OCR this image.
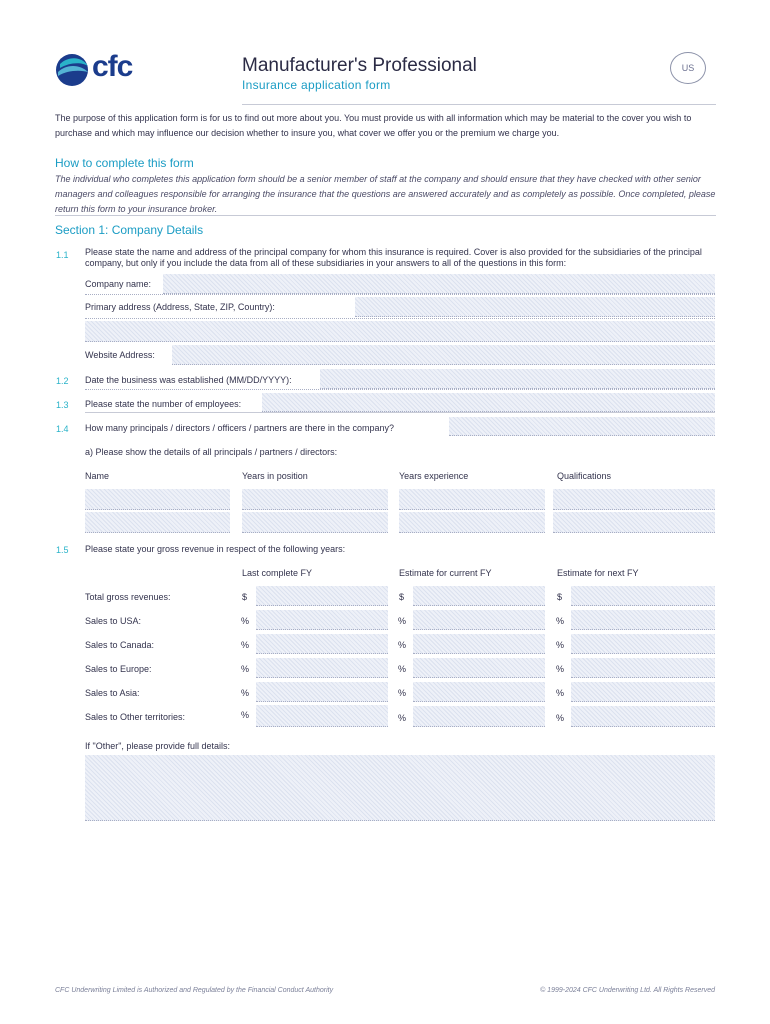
cfc	Manufacturer's Professional
Insurance application form
US
The purpose of this application form is for us to find out more about you. You must provide us with all information which may be material to the cover you wish to purchase and which may influence our decision whether to insure you, what cover we offer you or the premium we charge you.
How to complete this form
The individual who completes this application form should be a senior member of staff at the company and should ensure that they have checked with other senior managers and colleagues responsible for arranging the insurance that the questions are answered accurately and as completely as possible. Once completed, please return this form to your insurance broker.
Section 1: Company Details
1.1 Please state the name and address of the principal company for whom this insurance is required. Cover is also provided for the subsidiaries of the principal company, but only if you include the data from all of these subsidiaries in your answers to all of the questions in this form:
Company name:
Primary address (Address, State, ZIP, Country):
Website Address:
1.2 Date the business was established (MM/DD/YYYY):
1.3 Please state the number of employees:
1.4 How many principals / directors / officers / partners are there in the company?
a) Please show the details of all principals / partners / directors:
Name	Years in position	Years experience	Qualifications
1.5 Please state your gross revenue in respect of the following years:
Last complete FY	Estimate for current FY	Estimate for next FY
Total gross revenues:	$	$	$
Sales to USA:	%	%	%
Sales to Canada:	%	%	%
Sales to Europe:	%	%	%
Sales to Asia:	%	%	%
Sales to Other territories:	%	%	%
If "Other", please provide full details:
CFC Underwriting Limited is Authorized and Regulated by the Financial Conduct Authority	© 1999-2024 CFC Underwriting Ltd. All Rights Reserved
